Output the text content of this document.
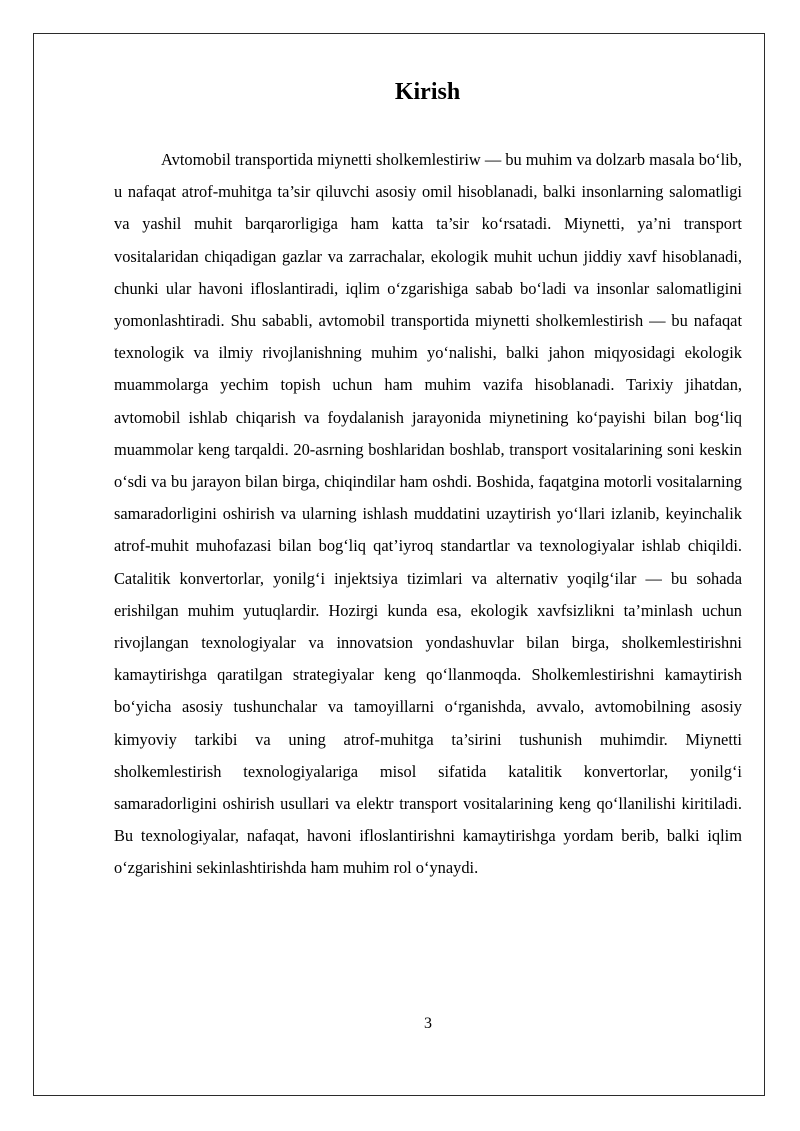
Kirish

Avtomobil transportida miynetti sholkemlestiriw — bu muhim va dolzarb masala bo‘lib, u nafaqat atrof-muhitga ta’sir qiluvchi asosiy omil hisoblanadi, balki insonlarning salomatligi va yashil muhit barqarorligiga ham katta ta’sir ko‘rsatadi. Miynetti, ya’ni transport vositalaridan chiqadigan gazlar va zarrachalar, ekologik muhit uchun jiddiy xavf hisoblanadi, chunki ular havoni ifloslantiradi, iqlim o‘zgarishiga sabab bo‘ladi va insonlar salomatligini yomonlashtiradi. Shu sababli, avtomobil transportida miynetti sholkemlestirish — bu nafaqat texnologik va ilmiy rivojlanishning muhim yo‘nalishi, balki jahon miqyosidagi ekologik muammolarga yechim topish uchun ham muhim vazifa hisoblanadi. Tarixiy jihatdan, avtomobil ishlab chiqarish va foydalanish jarayonida miynetining ko‘payishi bilan bog‘liq muammolar keng tarqaldi. 20-asrning boshlaridan boshlab, transport vositalarining soni keskin o‘sdi va bu jarayon bilan birga, chiqindilar ham oshdi. Boshida, faqatgina motorli vositalarning samaradorligini oshirish va ularning ishlash muddatini uzaytirish yo‘llari izlanib, keyinchalik atrof-muhit muhofazasi bilan bog‘liq qat’iyroq standartlar va texnologiyalar ishlab chiqildi. Catalitik konvertorlar, yonilg‘i injektsiya tizimlari va alternativ yoqilg‘ilar — bu sohada erishilgan muhim yutuqlardir. Hozirgi kunda esa, ekologik xavfsizlikni ta’minlash uchun rivojlangan texnologiyalar va innovatsion yondashuvlar bilan birga, sholkemlestirishni kamaytirishga qaratilgan strategiyalar keng qo‘llanmoqda. Sholkemlestirishni kamaytirish bo‘yicha asosiy tushunchalar va tamoyillarni o‘rganishda, avvalo, avtomobilning asosiy kimyoviy tarkibi va uning atrof-muhitga ta’sirini tushunish muhimdir. Miynetti sholkemlestirish texnologiyalariga misol sifatida katalitik konvertorlar, yonilg‘i samaradorligini oshirish usullari va elektr transport vositalarining keng qo‘llanilishi kiritiladi. Bu texnologiyalar, nafaqat, havoni ifloslantirishni kamaytirishga yordam berib, balki iqlim o‘zgarishini sekinlashtirishda ham muhim rol o‘ynaydi.

3
